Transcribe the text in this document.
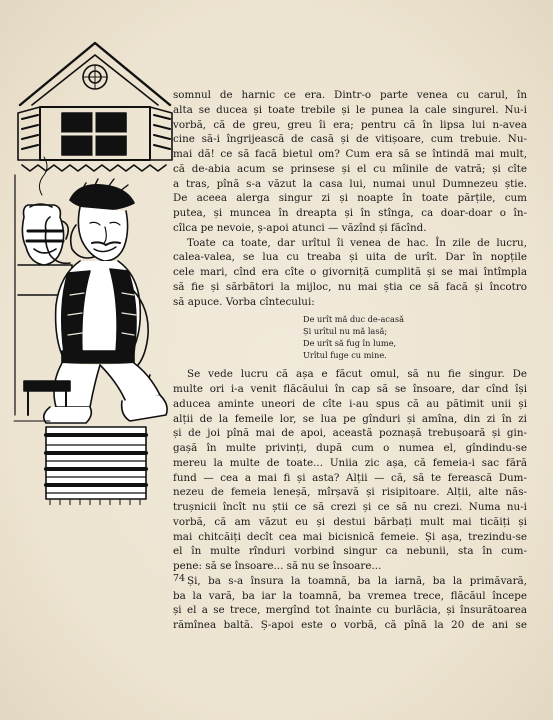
somnul de harnic ce era. Dintr-o parte venea cu carul, în
alta se ducea și toate trebile și le punea la cale singurel. Nu-i
vorbă, că de greu, greu îi era; pentru că în lipsa lui n-avea
cine să-i îngrijească de casă și de vitișoare, cum trebuie. Nu-
mai dă! ce să facă bietul om? Cum era să se întindă mai mult,
că de-abia acum se prinsese și el cu mîinile de vatră; și cîte
a tras, pînă s-a văzut la casa lui, numai unul Dumnezeu știe.
De aceea alerga singur zi și noapte în toate părțile, cum
putea, și muncea în dreapta și în stînga, ca doar-doar o în-
cîlca pe nevoie, ș-apoi atunci — văzînd și făcînd.
Toate ca toate, dar urîtul îi venea de hac. În zile de lucru,
calea-valea, se lua cu treaba și uita de urît. Dar în nopțile
cele mari, cînd era cîte o givorniță cumplită și se mai întîmpla
să fie și sărbători la mijloc, nu mai știa ce să facă și încotro
să apuce. Vorba cîntecului:
De urît mă duc de-acasă
Și urîtul nu mă lasă;
De urît să fug în lume,
Urîtul fuge cu mine.
Se vede lucru că așa e făcut omul, să nu fie singur. De
multe ori i-a venit flăcăului în cap să se însoare, dar cînd își
aducea aminte uneori de cîte i-au spus că au pătimit unii și
alții de la femeile lor, se lua pe gînduri și amîna, din zi în zi
și de joi pînă mai de apoi, această poznașă trebușoară și gin-
gașă în multe privinți, după cum o numea el, gîndindu-se
mereu la multe de toate... Uniia zic așa, că femeia-i sac fără
fund — cea a mai fi și asta? Alții — că, să te ferească Dum-
nezeu de femeia leneșă, mîrșavă și risipitoare. Alții, alte năs-
trușnicii încît nu știi ce să crezi și ce să nu crezi. Numa nu-i
vorbă, că am văzut eu și destui bărbați mult mai ticăiți și
mai chitcăiți decît cea mai bicisnică femeie. Și așa, trezindu-se
el în multe rînduri vorbind singur ca nebunii, sta în cum-
pene: să se însoare... să nu se însoare...
Și, ba s-a însura la toamnă, ba la iarnă, ba la primăvară,
ba la vară, ba iar la toamnă, ba vremea trece, flăcăul începe
și el a se trece, mergînd tot înainte cu burlăcia, și însurătoarea
rămînea baltă. Ș-apoi este o vorbă, că pînă la 20 de ani se
74
